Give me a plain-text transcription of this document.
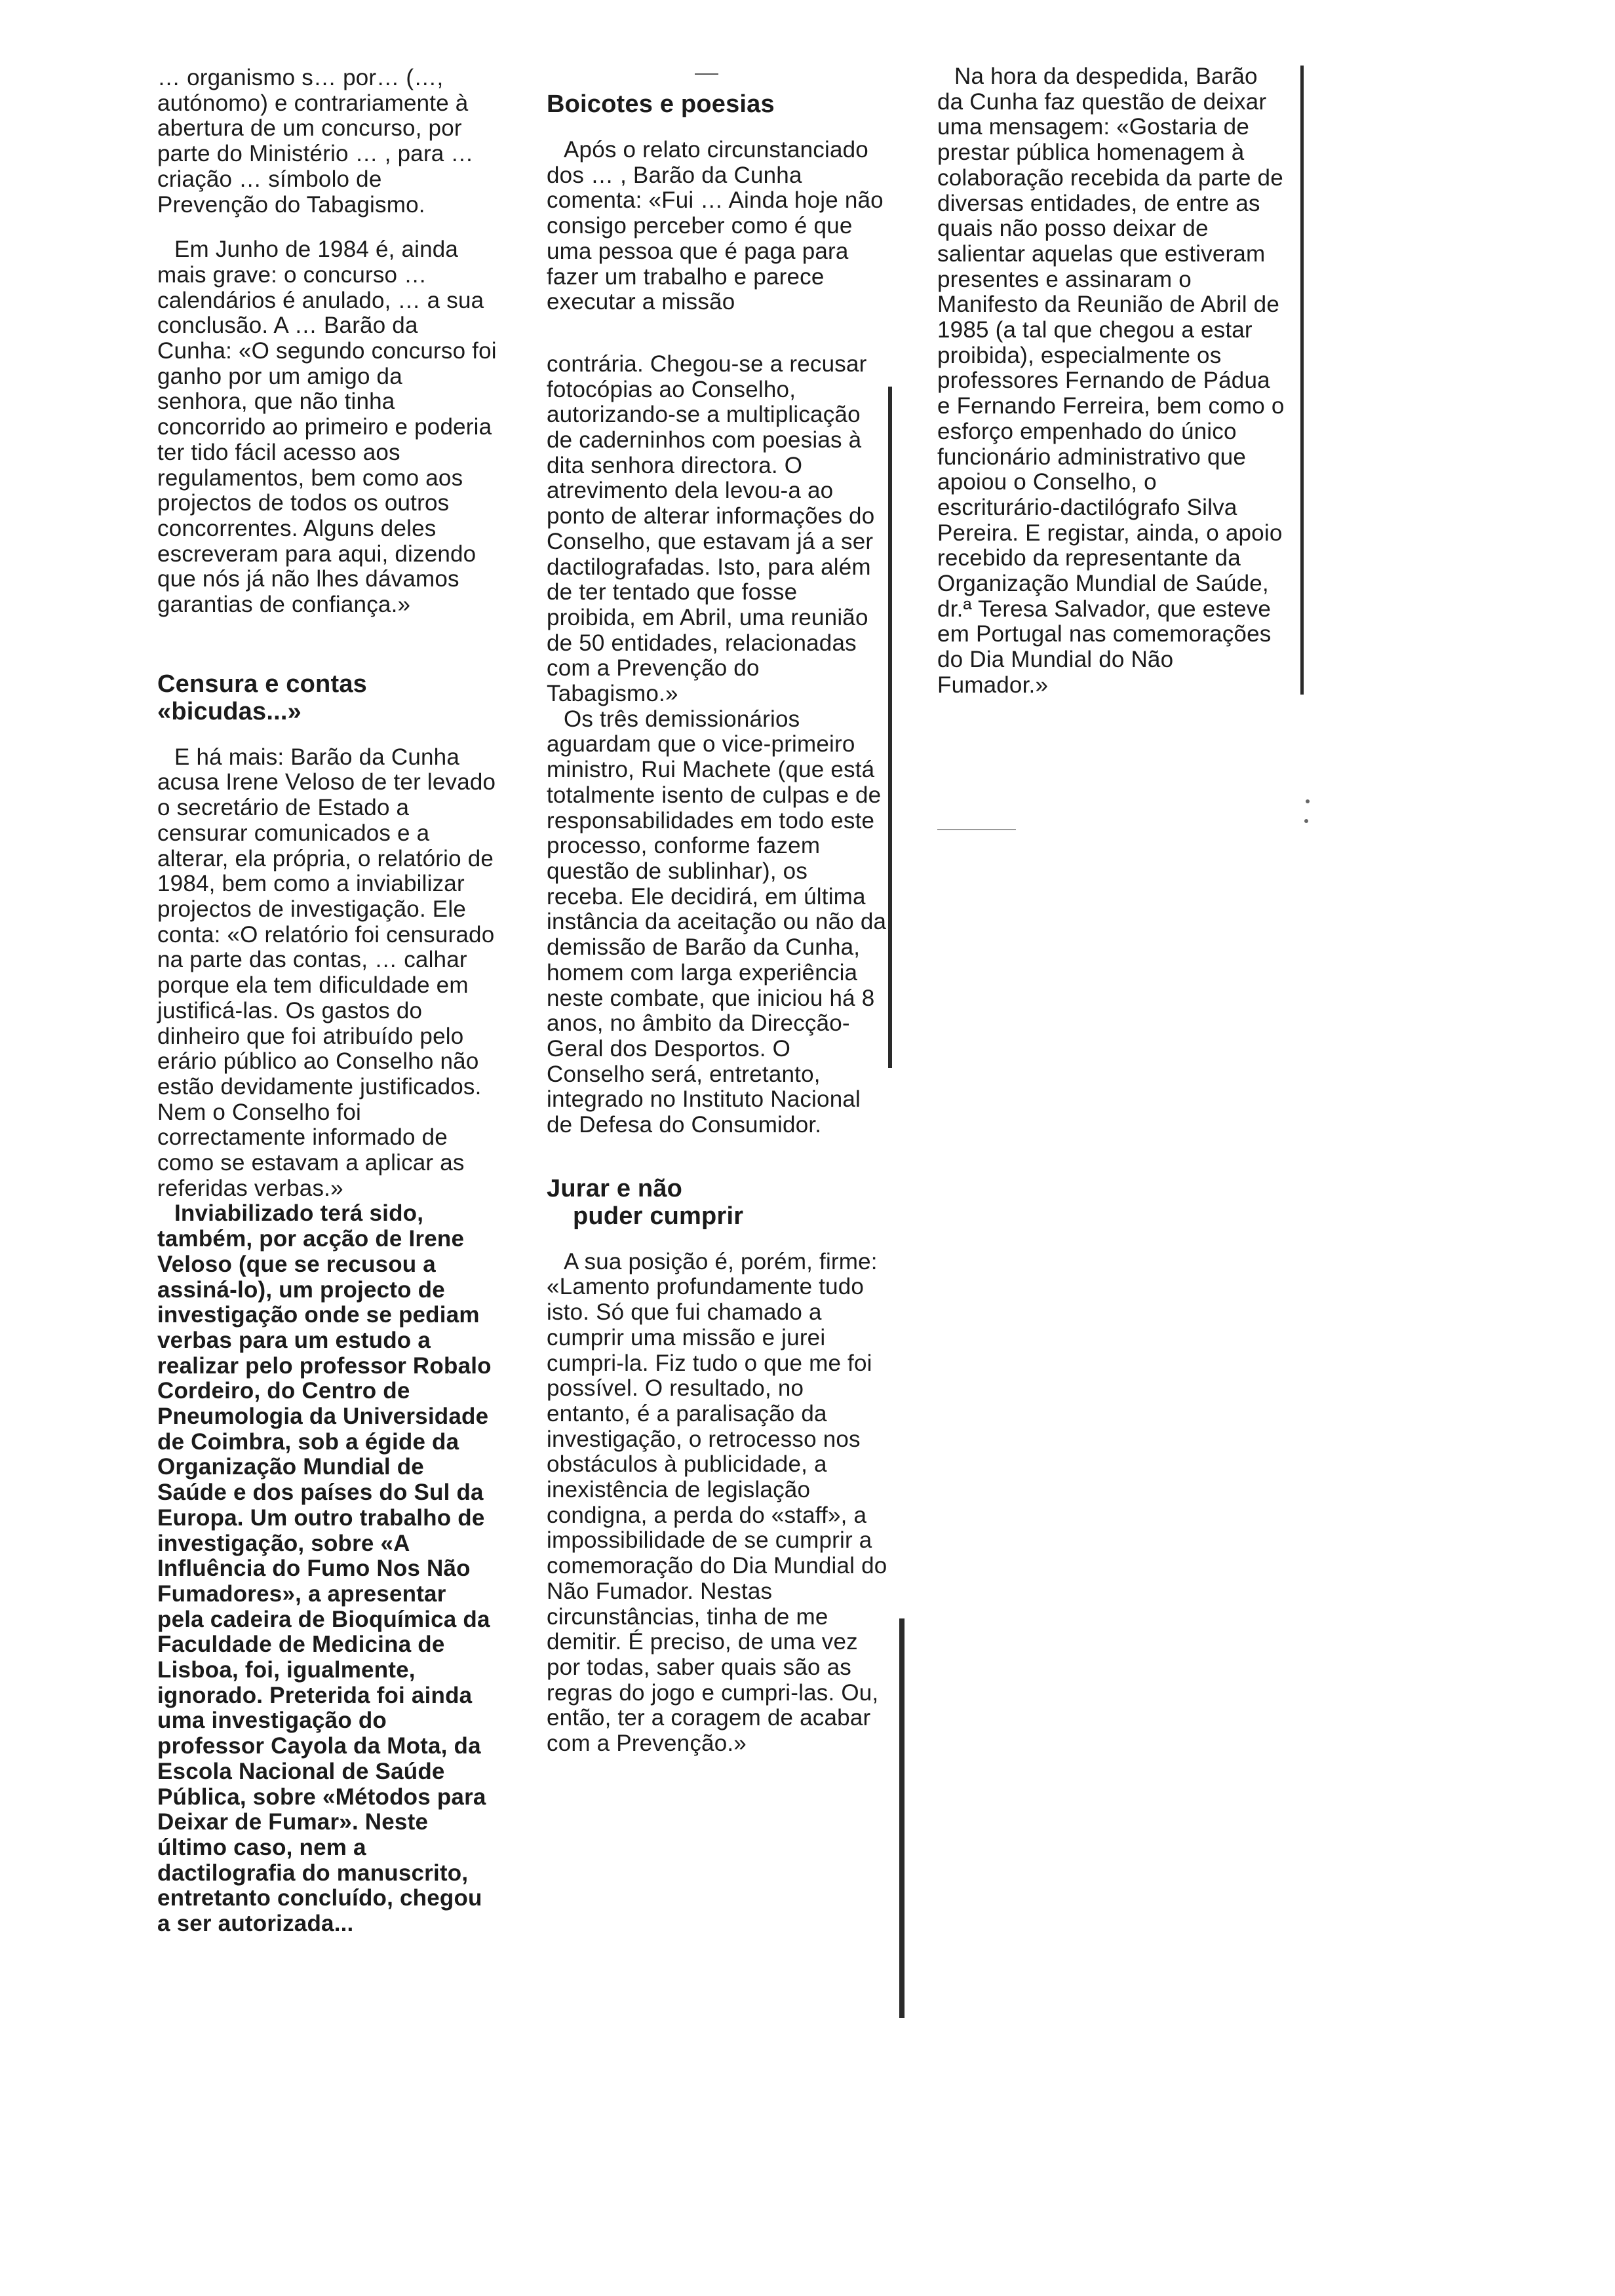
… organismo s… por… (…, autónomo) e contrariamente à abertura de um concurso, por parte do Ministério … , para … criação … símbolo de Prevenção do Tabagismo.

Em Junho de 1984 é, ainda mais grave: o concurso … calendários é anulado, … a sua conclusão. A … Barão da Cunha: «O segundo concurso foi ganho por um amigo da senhora, que não tinha concorrido ao primeiro e poderia ter tido fácil acesso aos regulamentos, bem como aos projectos de todos os outros concorrentes. Alguns deles escreveram para aqui, dizendo que nós já não lhes dávamos garantias de confiança.»

Censura e contas «bicudas...»

E há mais: Barão da Cunha acusa Irene Veloso de ter levado o secretário de Estado a censurar comunicados e a alterar, ela própria, o relatório de 1984, bem como a inviabilizar projectos de investigação. Ele conta: «O relatório foi censurado na parte das contas, … calhar porque ela tem dificuldade em justificá-las. Os gastos do dinheiro que foi atribuído pelo erário público ao Conselho não estão devidamente justificados. Nem o Conselho foi correctamente informado de como se estavam a aplicar as referidas verbas.»

Inviabilizado terá sido, também, por acção de Irene Veloso (que se recusou a assiná-lo), um projecto de investigação onde se pediam verbas para um estudo a realizar pelo professor Robalo Cordeiro, do Centro de Pneumologia da Universidade de Coimbra, sob a égide da Organização Mundial de Saúde e dos países do Sul da Europa. Um outro trabalho de investigação, sobre «A Influência do Fumo Nos Não Fumadores», a apresentar pela cadeira de Bioquímica da Faculdade de Medicina de Lisboa, foi, igualmente, ignorado. Preterida foi ainda uma investigação do professor Cayola da Mota, da Escola Nacional de Saúde Pública, sobre «Métodos para Deixar de Fumar». Neste último caso, nem a dactilografia do manuscrito, entretanto concluído, chegou a ser autorizada...

Boicotes e poesias

Após o relato circunstanciado dos … , Barão da Cunha comenta: «Fui … Ainda hoje não consigo perceber como é que uma pessoa que é paga para fazer um trabalho e parece executar a missão

contrária. Chegou-se a recusar fotocópias ao Conselho, autorizando-se a multiplicação de caderninhos com poesias à dita senhora directora. O atrevimento dela levou-a ao ponto de alterar informações do Conselho, que estavam já a ser dactilografadas. Isto, para além de ter tentado que fosse proibida, em Abril, uma reunião de 50 entidades, relacionadas com a Prevenção do Tabagismo.»

Os três demissionários aguardam que o vice-primeiro ministro, Rui Machete (que está totalmente isento de culpas e de responsabilidades em todo este processo, conforme fazem questão de sublinhar), os receba. Ele decidirá, em última instância da aceitação ou não da demissão de Barão da Cunha, homem com larga experiência neste combate, que iniciou há 8 anos, no âmbito da Direcção-Geral dos Desportos. O Conselho será, entretanto, integrado no Instituto Nacional de Defesa do Consumidor.

Jurar e não

puder cumprir

A sua posição é, porém, firme: «Lamento profundamente tudo isto. Só que fui chamado a cumprir uma missão e jurei cumpri-la. Fiz tudo o que me foi possível. O resultado, no entanto, é a paralisação da investigação, o retrocesso nos obstáculos à publicidade, a inexistência de legislação condigna, a perda do «staff», a impossibilidade de se cumprir a comemoração do Dia Mundial do Não Fumador. Nestas circunstâncias, tinha de me demitir. É preciso, de uma vez por todas, saber quais são as regras do jogo e cumpri-las. Ou, então, ter a coragem de acabar com a Prevenção.»

Na hora da despedida, Barão da Cunha faz questão de deixar uma mensagem: «Gostaria de prestar pública homenagem à colaboração recebida da parte de diversas entidades, de entre as quais não posso deixar de salientar aquelas que estiveram presentes e assinaram o Manifesto da Reunião de Abril de 1985 (a tal que chegou a estar proibida), especialmente os professores Fernando de Pádua e Fernando Ferreira, bem como o esforço empenhado do único funcionário administrativo que apoiou o Conselho, o escriturário-dactilógrafo Silva Pereira. E registar, ainda, o apoio recebido da representante da Organização Mundial de Saúde, dr.ª Teresa Salvador, que esteve em Portugal nas comemorações do Dia Mundial do Não Fumador.»
